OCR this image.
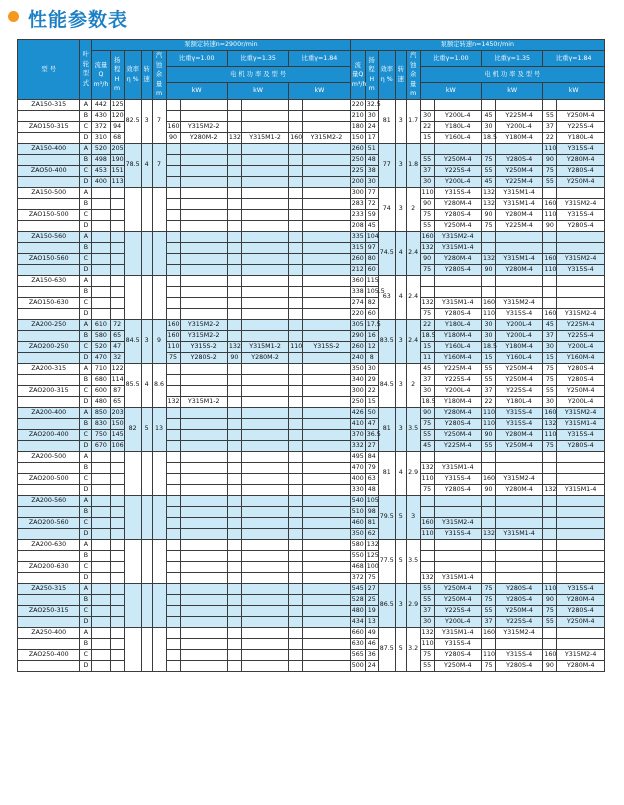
性能参数表
型 号	叶轮型式	泵额定转速n=2900r/min											泵额定转速n=1450r/min										
		流量Q m³/h	扬程H m	效率η %	转速	汽蚀余量 m	比重γ=1.00		比重γ=1.35		比重γ=1.84		流量Q m³/h	扬程H m	效率η %	转速	汽蚀余量 m	比重γ=1.00		比重γ=1.35		比重γ=1.84	
							电 机 功 率 及 型 号											电 机 功 率 及 型 号					
							kW		kW		kW							kW		kW		kW	
ZA150-315	A	442	125	82.5	3	7							220	32.5	81	3	1.7						
	B	430	120										210	30				30	Y200L-4	45	Y225M-4	55	Y250M-4
ZAO150-315	C	372	94				160	Y315M2-2					180	24				22	Y180L-4	30	Y200L-4	37	Y225S-4
	D	310	68				90	Y280M-2	132	Y315M1-2	160	Y315M2-2	150	17				15	Y160L-4	18.5	Y180M-4	22	Y180L-4
ZA150-400	A	520	205	78.5	4	7							260	51	77	3	1.8					110	Y315S-4
	B	498	190										250	48				55	Y250M-4	75	Y280S-4	90	Y280M-4
ZAO50-400	C	453	151										225	38				37	Y225S-4	55	Y250M-4	75	Y280S-4
	D	400	113										200	30				30	Y200L-4	45	Y225M-4	55	Y250M-4
ZA150-500	A												300	77	74	3	2	110	Y315S-4	132	Y315M1-4		
	B												283	72				90	Y280M-4	132	Y315M1-4	160	Y315M2-4
ZAO150-500	C												233	59				75	Y280S-4	90	Y280M-4	110	Y315S-4
	D												208	45				55	Y250M-4	75	Y225M-4	90	Y280S-4
ZA150-560	A												335	104	74.5	4	2.4	160	Y315M2-4				
	B												315	97				132	Y315M1-4				
ZAO150-560	C												260	80				90	Y280M-4	132	Y315M1-4	160	Y315M2-4
	D												212	60				75	Y280S-4	90	Y280M-4	110	Y315S-4
ZA150-630	A												360	115	63	4	2.4						
	B												338	105.5									
ZAO150-630	C												274	82				132	Y315M1-4	160	Y315M2-4		
	D												220	60				75	Y280S-4	110	Y315S-4	160	Y315M2-4
ZA200-250	A	610	72	84.5	3	9	160	Y315M2-2					305	17.5	83.5	3	2.4	22	Y180L-4	30	Y200L-4	45	Y225M-4
	B	580	65				160	Y315M2-2					290	16				18.5	Y180M-4	30	Y200L-4	37	Y225S-4
ZAO200-250	C	520	47				110	Y315S-2	132	Y315M1-2	110	Y315S-2	260	12				15	Y160L-4	18.5	Y180M-4	30	Y200L-4
	D	470	32				75	Y280S-2	90	Y280M-2			240	8				11	Y160M-4	15	Y160L-4	15	Y160M-4
ZA200-315	A	710	122	85.5	4	8.6							350	30	84.5	3	2	45	Y225M-4	55	Y250M-4	75	Y280S-4
	B	680	114										340	29				37	Y225S-4	55	Y250M-4	75	Y280S-4
ZAO200-315	C	600	87										300	22				30	Y200L-4	37	Y225S-4	55	Y250M-4
	D	480	65				132	Y315M1-2					250	15				18.5	Y180M-4	22	Y180L-4	30	Y200L-4
ZA200-400	A	850	203	82	5	13							426	50	81	3	3.5	90	Y280M-4	110	Y315S-4	160	Y315M2-4
	B	830	150										410	47				75	Y280S-4	110	Y315S-4	132	Y315M1-4
ZAO200-400	C	750	145										370	36.5				55	Y250M-4	90	Y280M-4	110	Y315S-4
	D	670	106										332	27				45	Y225M-4	55	Y250M-4	75	Y280S-4
ZA200-500	A												495	84	81	4	2.9						
	B												470	79				132	Y315M1-4				
ZAO200-500	C												400	63				110	Y315S-4	160	Y315M2-4		
	D												330	48				75	Y280S-4	90	Y280M-4	132	Y315M1-4
ZA200-560	A												540	105	79.5	5	3						
	B												510	98									
ZAO200-560	C												460	81				160	Y315M2-4				
	D												350	62				110	Y315S-4	132	Y315M1-4		
ZA200-630	A												580	132	77.5	5	3.5						
	B												550	125									
ZAO200-630	C												468	100									
	D												372	75				132	Y315M1-4				
ZA250-315	A												545	27	86.5	3	2.9	55	Y250M-4	75	Y280S-4	110	Y315S-4
	B												528	25				55	Y250M-4	75	Y280S-4	90	Y280M-4
ZAO250-315	C												480	19				37	Y225S-4	55	Y250M-4	75	Y280S-4
	D												434	13				30	Y200L-4	37	Y225S-4	55	Y250M-4
ZA250-400	A												660	49	87.5	5	3.2	132	Y315M1-4	160	Y315M2-4		
	B												630	46				110	Y315S-4				
ZAO250-400	C												565	36				75	Y280S-4	110	Y315S-4	160	Y315M2-4
	D												500	24				55	Y250M-4	75	Y280S-4	90	Y280M-4
